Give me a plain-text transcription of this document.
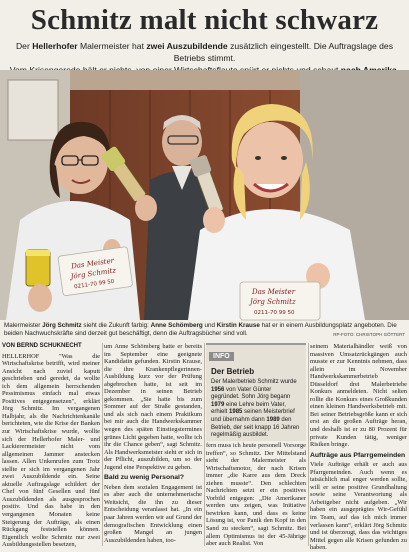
Schmitz malt nicht schwarz
Der Hellerhofer Malermeister hat zwei Auszubildende zusätzlich eingestellt. Die Auftragslage des Betriebs stimmt.
Das Meister
Jörg Schmitz
0211-70 99 50
Das Meister
Jörg Schmitz
0211-70 99 50
Malermeister Jörg Schmitz sieht die Zukunft farbig: Anne Schömberg und Kirstin Krause hat er in einem Ausbildungsplatz angeboten. Die beiden Nachwuchskräfte sind derzeit gut beschäftigt, denn die Auftragsbücher sind voll.	RP-FOTO: CHRISTOPH GÖTTERT
VON BERND SCHUKNECHT

HELLERHOF "Was die Wirtschaftskrise betrifft, wird meiner Ansicht nach zuviel kaputt geschrieben und geredet, da wollte ich dem allgemein herrschenden Pessimismus einfach mal etwas Positives entgegensetzen", erklärt Jörg Schmitz. Im vergangenen Halbjahr, als die Nachrichtenkanäle berichteten, wie die Krise der Banken zur Wirtschaftskrise wurde, wollte sich der Hellerhofer Maler- und Lackierermeister nicht vom allgemeinen Jammer anstecken lassen. Allen Unkenrufen zum Trotz stellte er sich im vergangenen Jahr zwei Auszubildende ein. Seine aktuelle Auftragslage schildert der Chef von fünf Gesellen und fünf Auszubildenden als ausgesprochen positiv. Und das habe in den vergangenen Monaten keine Steigerung der Aufträge, als einen Rückgang feststellen können. Eigentlich wollte Schmitz nur zwei Ausbildungsstellen besetzen,

um Anne Schömberg hatte er bereits im September eine geeignete Kandidatin gefunden. Kirstin Krause, die ihre Krankenpflegerinnen-Ausbildung kurz vor der Prüfung abgebrochen hatte, ist seit im Dezember in seinen Betrieb gekommen. „Sie hatte bis zum Sommer auf der Straße gestanden, und als sich nach einem Praktikum bei mir auch die Handwerkskammer wegen des späten Einstiegstermines grünes Licht gegeben hatte, wollte ich ihr die Chance geben“, sagt Schmitz. Als Handwerksmeister sieht er sich in der Pflicht, auszubilden, um so der Jugend eine Perspektive zu geben.

Bald zu wenig Personal?

Neben dem sozialen Engagement ist es aber auch die unternehmerische Weitsicht, die ihn zu dieser Entscheidung veranlasst hat. „In ein paar Jahren werden wir auf Grund der demografischen Entwicklung einen großen Mangel an jungen Auszubildenden haben, too-

INFO
Der Betrieb
Der Malerbetrieb Schmitz wurde 1956 von Vater Günter gegründet. Sohn Jörg begann 1979 eine Lehre beim Vater, erhielt 1985 seinen Meisterbrief und übernahm dann 1989 den Betrieb, der seit knapp 16 Jahren regelmäßig ausbildet.

fern muss ich heute personell Vorsorge treffen“, so Schmitz. Der Mittelstand sieht der Malermeister als Wirtschaftsmotor, der nach Krisen immer „die Karre aus dem Dreck ziehen musste“. Den schlechten Nachrichten setzt er ein positives Vorbild entgegen: „Die Amerikaner werden uns zeigen, was Initiative bewirken kann, und dass es keine Lösung ist, vor Panik den Kopf in den Sand zu stecken“, sagt Schmitz. Bei allem Optimismus ist der 45-Jährige aber auch Realist. Von

seinem Materialhändler weiß von massiven Umsatzrückgängen auch musste er zur Kenntnis nehmen, dass allein im November Handwerkskammerbetrieb Düsseldorf drei Malerbetriebe Konkurs anmeldeten. Nicht selten rollte die Konkurs eines Großkunden einen kleinen Handwerksbetrieb mit. Bei seiner Betriebsgröße kann er sich erst an die großen Aufträge heran, und deshalb ist er zu 80 Prozent für private Kunden tätig, weniger Risiken bringe.

Aufträge aus Pfarrgemeinden

Viele Aufträge erhält er auch aus Pfarrgemeinden. Auch wenn es tatsächlich mal enger werden sollte, will er seine positive Grundhaltung sowie seine Verantwortung als Arbeitgeber nicht aufgeben. „Wir haben ein ausgeprägtes Wir-Gefühl im Team, auf das ich mich immer verlassen kann“, erklärt Jörg Schmitz und ist überzeugt, dass das wichtiges Mittel gegen alle Krisen gefunden zu haben.
